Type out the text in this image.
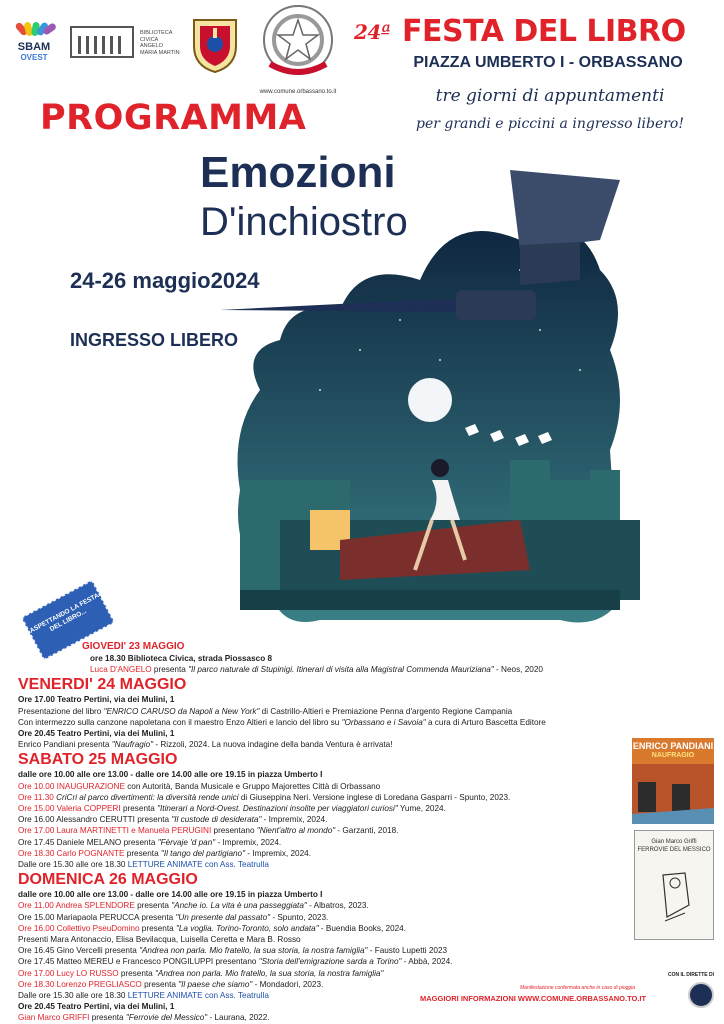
SBAM
OVEST
BIBLIOTECA CIVICA ANGELO MARIA MARTIN
www.comune.orbassano.to.it
24ª FESTA DEL LIBRO
PIAZZA UMBERTO I - ORBASSANO
tre giorni di appuntamenti
per grandi e piccini a ingresso libero!
PROGRAMMA
Emozioni
D'inchiostro
24-26 maggio2024
INGRESSO LIBERO
ASPETTANDO LA FESTA DEL LIBRO...
GIOVEDI' 23 MAGGIO
ore 18.30 Biblioteca Civica, strada Piossasco 8
Luca D'ANGELO presenta "Il parco naturale di Stupinigi. Itinerari di visita alla Magistral Commenda Mauriziana" - Neos, 2020
VENERDI' 24 MAGGIO
Ore 17.00 Teatro Pertini, via dei Mulini, 1
Presentazione del libro "ENRICO CARUSO da Napoli a New York" di Castrillo-Altieri e Premiazione Penna d'argento Regione Campania
Con intermezzo sulla canzone napoletana con il maestro Enzo Altieri e lancio del libro su "Orbassano e i Savoia" a cura di Arturo Bascetta Editore
Ore 20.45 Teatro Pertini, via dei Mulini, 1
Enrico Pandiani presenta "Naufragio" - Rizzoli, 2024. La nuova indagine della banda Ventura è arrivata!
SABATO 25 MAGGIO
dalle ore 10.00 alle ore 13.00 - dalle ore 14.00 alle ore 19.15 in piazza Umberto I
Ore 10.00 INAUGURAZIONE con Autorità, Banda Musicale e Gruppo Majorettes Città di Orbassano
Ore 11.30 CriCri al parco divertimenti: la diversità rende unici di Giuseppina Neri. Versione inglese di Loredana Gasparri - Spunto, 2023.
Ore 15.00 Valeria COPPERI presenta "Itinerari a Nord-Ovest. Destinazioni insolite per viaggiatori curiosi" Yume, 2024.
Ore 16.00 Alessandro CERUTTI presenta "Il custode di desiderata" - Impremix, 2024.
Ore 17.00 Laura MARTINETTI e Manuela PERUGINI presentano "Nient'altro al mondo" - Garzanti, 2018.
Ore 17.45 Daniele MELANO presenta "Fèrvaje 'd pan" - Impremix, 2024.
Ore 18.30 Carlo POGNANTE presenta "Il tango del partigiano" - Impremix, 2024.
Dalle ore 15.30 alle ore 18.30 LETTURE ANIMATE con Ass. Teatrulla
DOMENICA 26 MAGGIO
dalle ore 10.00 alle ore 13.00 - dalle ore 14.00 alle ore 19.15 in piazza Umberto I
Ore 11.00 Andrea SPLENDORE presenta "Anche io. La vita è una passeggiata" - Albatros, 2023.
Ore 15.00 Mariapaola PERUCCA presenta "Un presente dal passato" - Spunto, 2023.
Ore 16.00 Collettivo PseuDomino presenta "La voglia. Torino-Toronto, solo andata" - Buendia Books, 2024.
Presenti Mara Antonaccio, Elisa Bevilacqua, Luisella Ceretta e Mara B. Rosso
Ore 16.45 Gino Vercelli presenta "Andrea non parla. Mio fratello, la sua storia, la nostra famiglia" - Fausto Lupetti 2023
Ore 17.45 Matteo MEREU e Francesco PONGILUPPI presentano "Storia dell'emigrazione sarda a Torino" - Abbà, 2024.
Ore 17.00 Lucy LO RUSSO presenta "Andrea non parla. Mio fratello, la sua storia, la nostra famiglia"
Ore 18.30 Lorenzo PREGLIASCO presenta "Il paese che siamo" - Mondadori, 2023.
Dalle ore 15.30 alle ore 18.30 LETTURE ANIMATE con Ass. Teatrulla
Ore 20.45 Teatro Pertini, via dei Mulini, 1
Gian Marco GRIFFI presenta "Ferrovie del Messico" - Laurana, 2022.
ENRICO PANDIANI
NAUFRAGIO
Gian Marco Griffi
FERROVIE DEL MESSICO
Manifestazione confermata anche in caso di pioggia
MAGGIORI INFORMAZIONI WWW.COMUNE.ORBASSANO.TO.IT
CON IL DIRETTE DI
